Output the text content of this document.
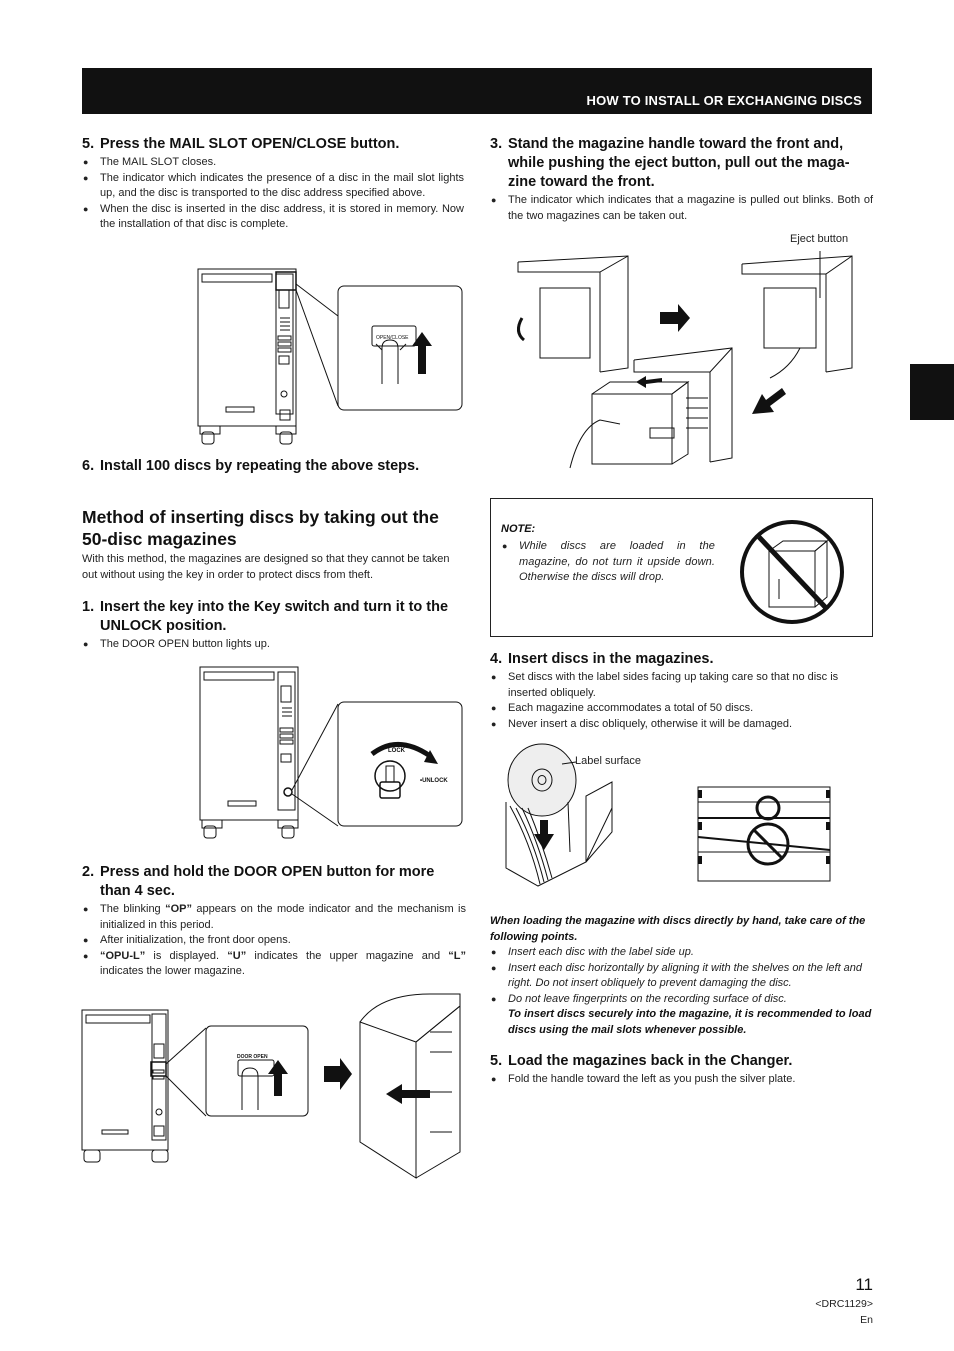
HOW TO INSTALL OR EXCHANGING DISCS
5. Press the MAIL SLOT OPEN/CLOSE button.
● The MAIL SLOT closes.
● The indicator which indicates the presence of a disc in the mail slot lights up, and the disc is transported to the disc address specified above.
● When the disc is inserted in the disc address, it is stored in memory. Now the installation of that disc is complete.
OPEN/CLOSE
6. Install 100 discs by repeating the above steps.
Method of inserting discs by taking out the 50-disc magazines

With this method, the magazines are designed so that they cannot be taken out without using the key in order to protect discs from theft.

1. Insert the key into the Key switch and turn it to the UNLOCK position.
● The DOOR OPEN button lights up.
LOCK
•UNLOCK
2. Press and hold the DOOR OPEN button for more than 4 sec.
● The blinking “OP” appears on the mode indicator and the mechanism is initialized in this period.
● After initialization, the front door opens.
● “OPU-L” is displayed. “U” indicates the upper magazine and “L” indicates the lower magazine.
DOOR OPEN
3. Stand the magazine handle toward the front and,
while pushing the eject button, pull out the maga-
zine toward the front.
● The indicator which indicates that a magazine is pulled out blinks. Both of the two magazines can be taken out.
Eject button
NOTE:
● While discs are loaded in the magazine, do not turn it upside down. Otherwise the discs will drop.
4. Insert discs in the magazines.
● Set discs with the label sides facing up taking care so that no disc is inserted obliquely.
● Each magazine accommodates a total of 50 discs.
● Never insert a disc obliquely, otherwise it will be damaged.
Label surface

When loading the magazine with discs directly by hand, take care of the following points.

● Insert each disc with the label side up.
● Insert each disc horizontally by aligning it with the shelves on the left and right. Do not insert obliquely to prevent damaging the disc.
● Do not leave fingerprints on the recording surface of disc.

To insert discs securely into the magazine, it is recommended to load discs using the mail slots whenever possible.

5. Load the magazines back in the Changer.
● Fold the handle toward the left as you push the silver plate.
11
<DRC1129>
En
